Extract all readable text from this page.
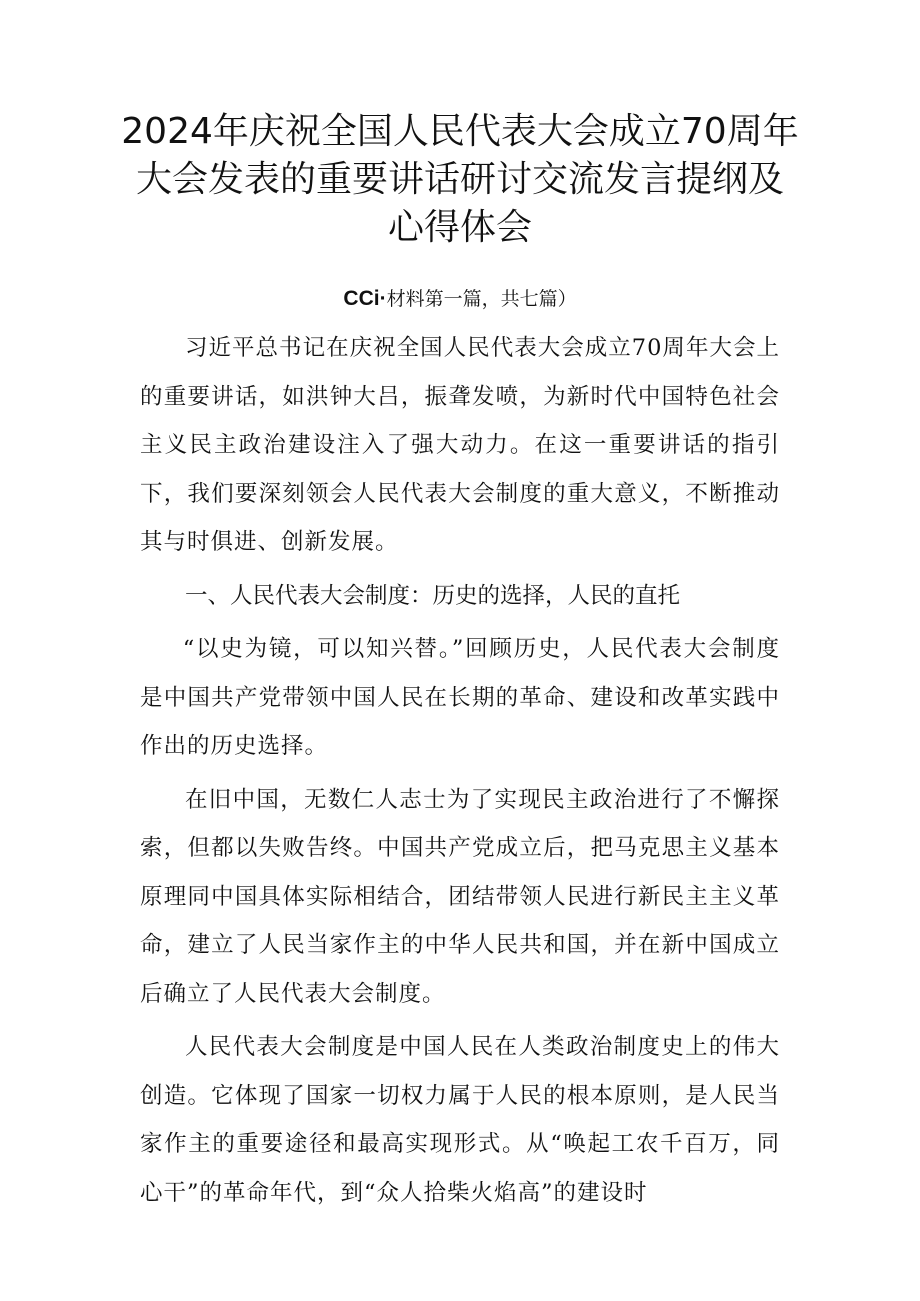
2024年庆祝全国人民代表大会成立70周年
大会发表的重要讲话研讨交流发言提纲及
心得体会
CCi·材料第一篇，共七篇）

习近平总书记在庆祝全国人民代表大会成立70周年大会上的重要讲话，如洪钟大吕，振聋发喷，为新时代中国特色社会主义民主政治建设注入了强大动力。在这一重要讲话的指引下，我们要深刻领会人民代表大会制度的重大意义，不断推动其与时俱进、创新发展。

一、人民代表大会制度：历史的选择，人民的直托

“以史为镜，可以知兴替。”回顾历史，人民代表大会制度是中国共产党带领中国人民在长期的革命、建设和改革实践中作出的历史选择。

在旧中国，无数仁人志士为了实现民主政治进行了不懈探索，但都以失败告终。中国共产党成立后，把马克思主义基本原理同中国具体实际相结合，团结带领人民进行新民主主义革命，建立了人民当家作主的中华人民共和国，并在新中国成立后确立了人民代表大会制度。

人民代表大会制度是中国人民在人类政治制度史上的伟大创造。它体现了国家一切权力属于人民的根本原则，是人民当家作主的重要途径和最高实现形式。从“唤起工农千百万，同心干”的革命年代，到“众人拾柴火焰高”的建设时
